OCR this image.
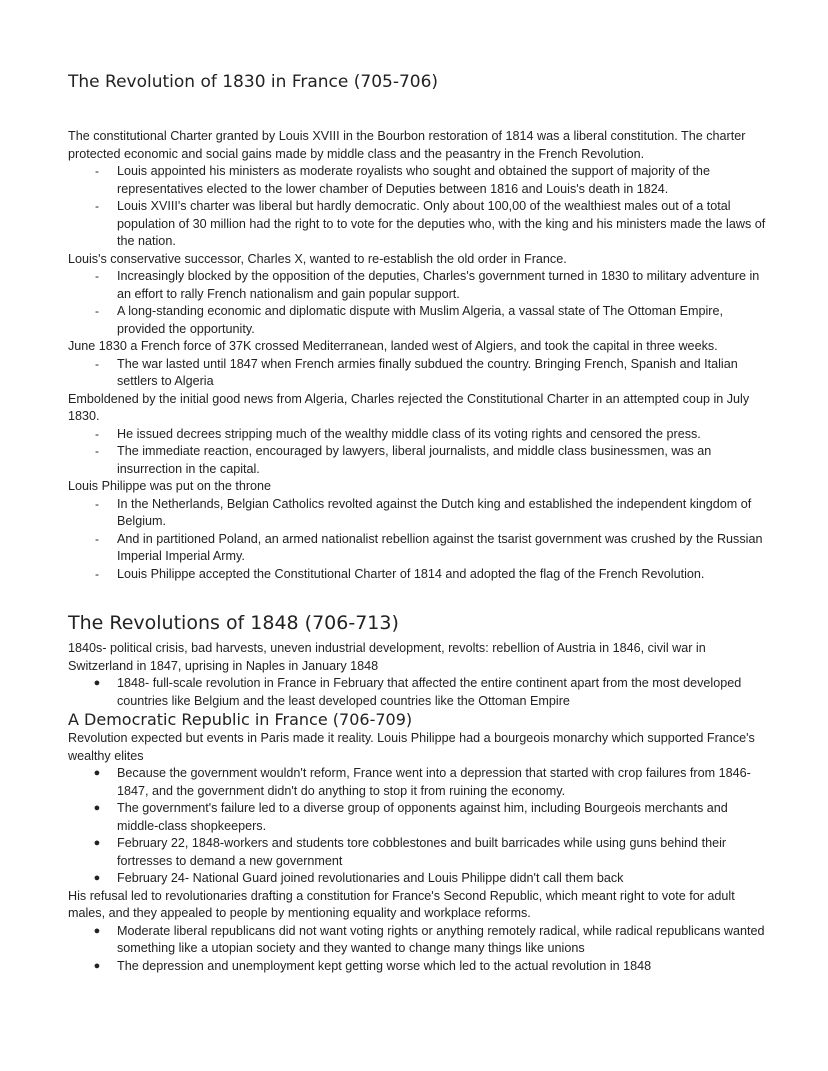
The Revolution of 1830 in France (705-706)

The constitutional Charter granted by Louis XVIII in the Bourbon restoration of 1814 was a liberal constitution. The charter protected economic and social gains made by middle class and the peasantry in the French Revolution.

-	Louis appointed his ministers as moderate royalists who sought and obtained the support of majority of the representatives elected to the lower chamber of Deputies between 1816 and Louis's death in 1824.
-	Louis XVIII's charter was liberal but hardly democratic. Only about 100,00 of the wealthiest males out of a total population of 30 million had the right to to vote for the deputies who, with the king and his ministers made the laws of the nation.

Louis's conservative successor, Charles X, wanted to re-establish the old order in France.

-	Increasingly blocked by the opposition of the deputies, Charles's government turned in 1830 to military adventure in an effort to rally French nationalism and gain popular support.
-	A long-standing economic and diplomatic dispute with Muslim Algeria, a vassal state of The Ottoman Empire, provided the opportunity.

June 1830 a French force of 37K crossed Mediterranean, landed west of Algiers, and took the capital in three weeks.

-	The war lasted until 1847 when French armies finally subdued the country. Bringing French, Spanish and Italian settlers to Algeria

Emboldened by the initial good news from Algeria, Charles rejected the Constitutional Charter in an attempted coup in July 1830.

-	He issued decrees stripping much of the wealthy middle class of its voting rights and censored the press.
-	The immediate reaction, encouraged by lawyers, liberal journalists, and middle class businessmen, was an insurrection in the capital.

Louis Philippe was put on the throne

-	In the Netherlands, Belgian Catholics revolted against the Dutch king and established the independent kingdom of Belgium.
-	And in partitioned Poland, an armed nationalist rebellion against the tsarist government was crushed by the Russian Imperial Imperial Army.
-	Louis Philippe accepted the Constitutional Charter of 1814 and adopted the flag of the French Revolution.
The Revolutions of 1848 (706-713)

1840s- political crisis, bad harvests, uneven industrial development, revolts: rebellion of Austria in 1846, civil war in Switzerland in 1847, uprising in Naples in January 1848

● 1848- full-scale revolution in France in February that affected the entire continent apart from the most developed countries like Belgium and the least developed countries like the Ottoman Empire
A Democratic Republic in France (706-709)

Revolution expected but events in Paris made it reality. Louis Philippe had a bourgeois monarchy which supported France's wealthy elites

● Because the government wouldn't reform, France went into a depression that started with crop failures from 1846-1847, and the government didn't do anything to stop it from ruining the economy.
● The government's failure led to a diverse group of opponents against him, including Bourgeois merchants and middle-class shopkeepers.
● February 22, 1848-workers and students tore cobblestones and built barricades while using guns behind their fortresses to demand a new government
● February 24- National Guard joined revolutionaries and Louis Philippe didn't call them back

His refusal led to revolutionaries drafting a constitution for France's Second Republic, which meant right to vote for adult males, and they appealed to people by mentioning equality and workplace reforms.

● Moderate liberal republicans did not want voting rights or anything remotely radical, while radical republicans wanted something like a utopian society and they wanted to change many things like unions
● The depression and unemployment kept getting worse which led to the actual revolution in 1848
